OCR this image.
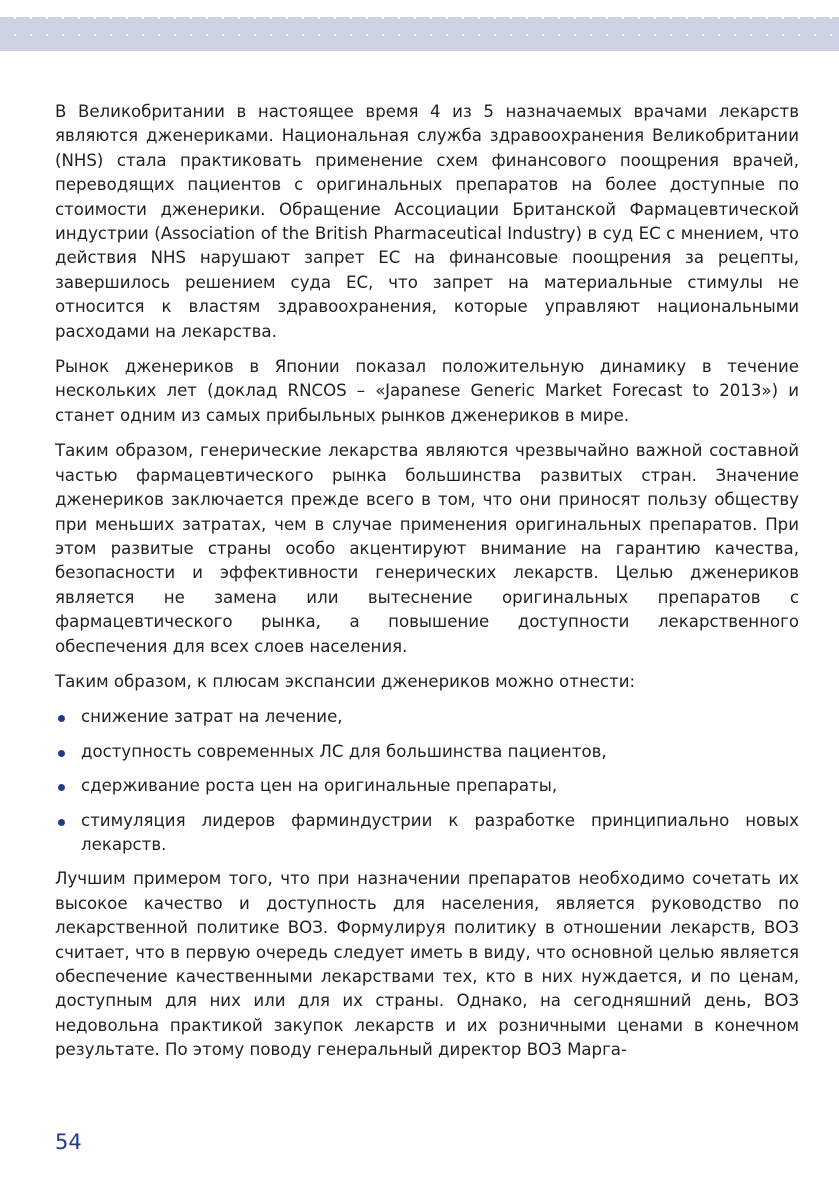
В Великобритании в настоящее время 4 из 5 назначаемых врачами лекарств являются дженериками. Национальная служба здравоохранения Великобритании (NHS) стала практиковать применение схем финансового поощрения врачей, переводящих пациентов с оригинальных препаратов на более доступные по стоимости дженерики. Обращение Ассоциации Британской Фармацевтической индустрии (Association of the British Pharmaceutical Industry) в суд ЕС с мнением, что действия NHS нарушают запрет ЕС на финансовые поощрения за рецепты, завершилось решением суда ЕС, что запрет на материальные стимулы не относится к властям здравоохранения, которые управляют национальными расходами на лекарства.

Рынок дженериков в Японии показал положительную динамику в течение нескольких лет (доклад RNCOS – «Japanese Generic Market Forecast to 2013») и станет одним из самых прибыльных рынков дженериков в мире.

Таким образом, генерические лекарства являются чрезвычайно важной составной частью фармацевтического рынка большинства развитых стран. Значение дженериков заключается прежде всего в том, что они приносят пользу обществу при меньших затратах, чем в случае применения оригинальных препаратов. При этом развитые страны особо акцентируют внимание на гарантию качества, безопасности и эффективности генерических лекарств. Целью дженериков является не замена или вытеснение оригинальных препаратов с фармацевтического рынка, а повышение доступности лекарственного обеспечения для всех слоев населения.

Таким образом, к плюсам экспансии дженериков можно отнести:

снижение затрат на лечение,
доступность современных ЛС для большинства пациентов,
сдерживание роста цен на оригинальные препараты,
стимуляция лидеров фарминдустрии к разработке принципиально новых лекарств.

Лучшим примером того, что при назначении препаратов необходимо сочетать их высокое качество и доступность для населения, является руководство по лекарственной политике ВОЗ. Формулируя политику в отношении лекарств, ВОЗ считает, что в первую очередь следует иметь в виду, что основной целью является обеспечение качественными лекарствами тех, кто в них нуждается, и по ценам, доступным для них или для их страны. Однако, на сегодняшний день, ВОЗ недовольна практикой закупок лекарств и их розничными ценами в конечном результате. По этому поводу генеральный директор ВОЗ Марга-

54
